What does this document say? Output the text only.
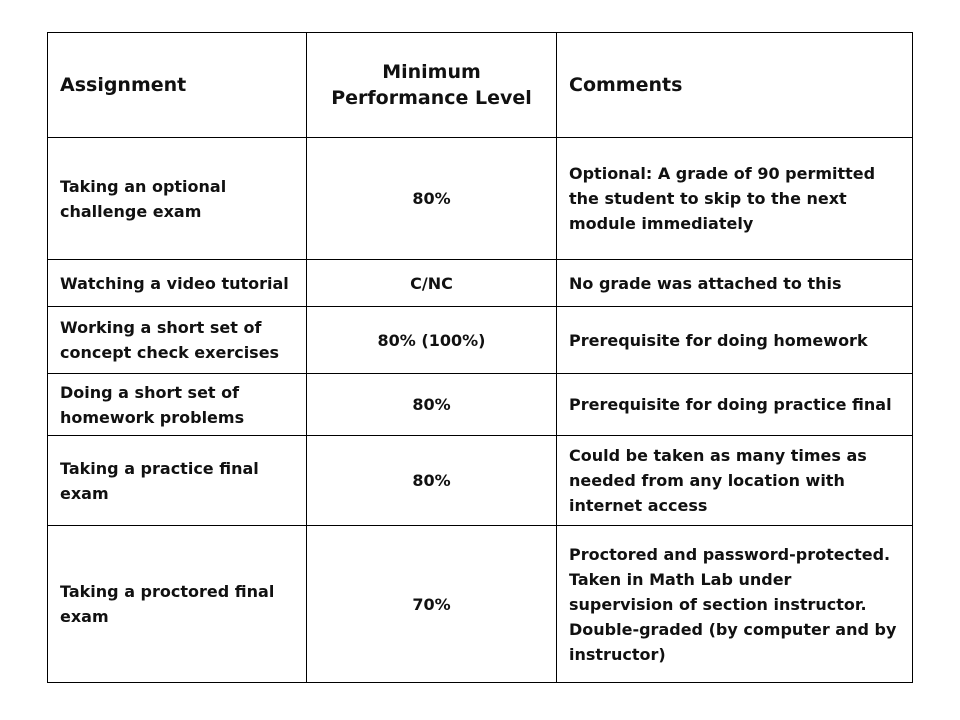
Assignment	Minimum Performance Level	Comments
Taking an optional challenge exam	80%	Optional: A grade of 90 permitted the student to skip to the next module immediately
Watching a video tutorial	C/NC	No grade was attached to this
Working a short set of concept check exercises	80% (100%)	Prerequisite for doing homework
Doing a short set of homework problems	80%	Prerequisite for doing practice final
Taking a practice final exam	80%	Could be taken as many times as needed from any location with internet access
Taking a proctored final exam	70%	Proctored and password-protected. Taken in Math Lab under supervision of section instructor. Double-graded (by computer and by instructor)
